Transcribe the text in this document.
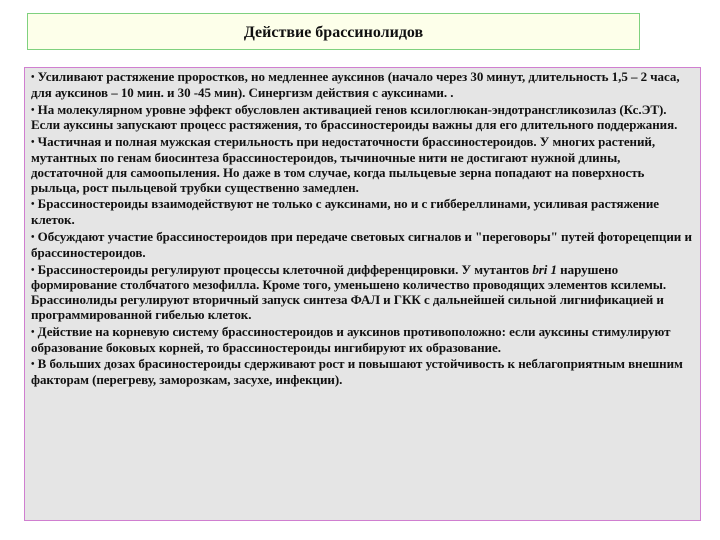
Действие брассинолидов

• Усиливают растяжение проростков, но медленнее ауксинов (начало через 30 минут, длительность 1,5 – 2 часа, для ауксинов – 10 мин. и 30 -45 мин). Синергизм действия с ауксинами. .

• На молекулярном уровне эффект обусловлен активацией генов ксилоглюкан-эндотрансгликозилаз (Кс.ЭТ). Если ауксины запускают процесс растяжения, то брассиностероиды важны для его длительного поддержания.

• Частичная и полная мужская стерильность при недостаточности брассиностероидов. У многих растений, мутантных по генам биосинтеза брассиностероидов, тычиночные нити не достигают нужной длины, достаточной для самоопыления. Но даже в том случае, когда пыльцевые зерна попадают на поверхность рыльца, рост пыльцевой трубки существенно замедлен.

• Брассиностероиды взаимодействуют не только с ауксинами, но и с гиббереллинами, усиливая растяжение клеток.

• Обсуждают участие брассиностероидов при передаче световых сигналов и "переговоры" путей фоторецепции и брассиностероидов.

• Брассиностероиды регулируют процессы клеточной дифференцировки. У мутантов bri 1 нарушено формирование столбчатого мезофилла. Кроме того, уменьшено количество проводящих элементов ксилемы. Брассинолиды регулируют вторичный запуск синтеза ФАЛ и ГКК с дальнейшей сильной лигнификацией и программированной гибелью клеток.

• Действие на корневую систему брассиностероидов и ауксинов противоположно: если ауксины стимулируют образование боковых корней, то брассиностероиды ингибируют их образование.

• В больших дозах брасиностероиды сдерживают рост и повышают устойчивость к неблагоприятным внешним факторам (перегреву, заморозкам, засухе, инфекции).
